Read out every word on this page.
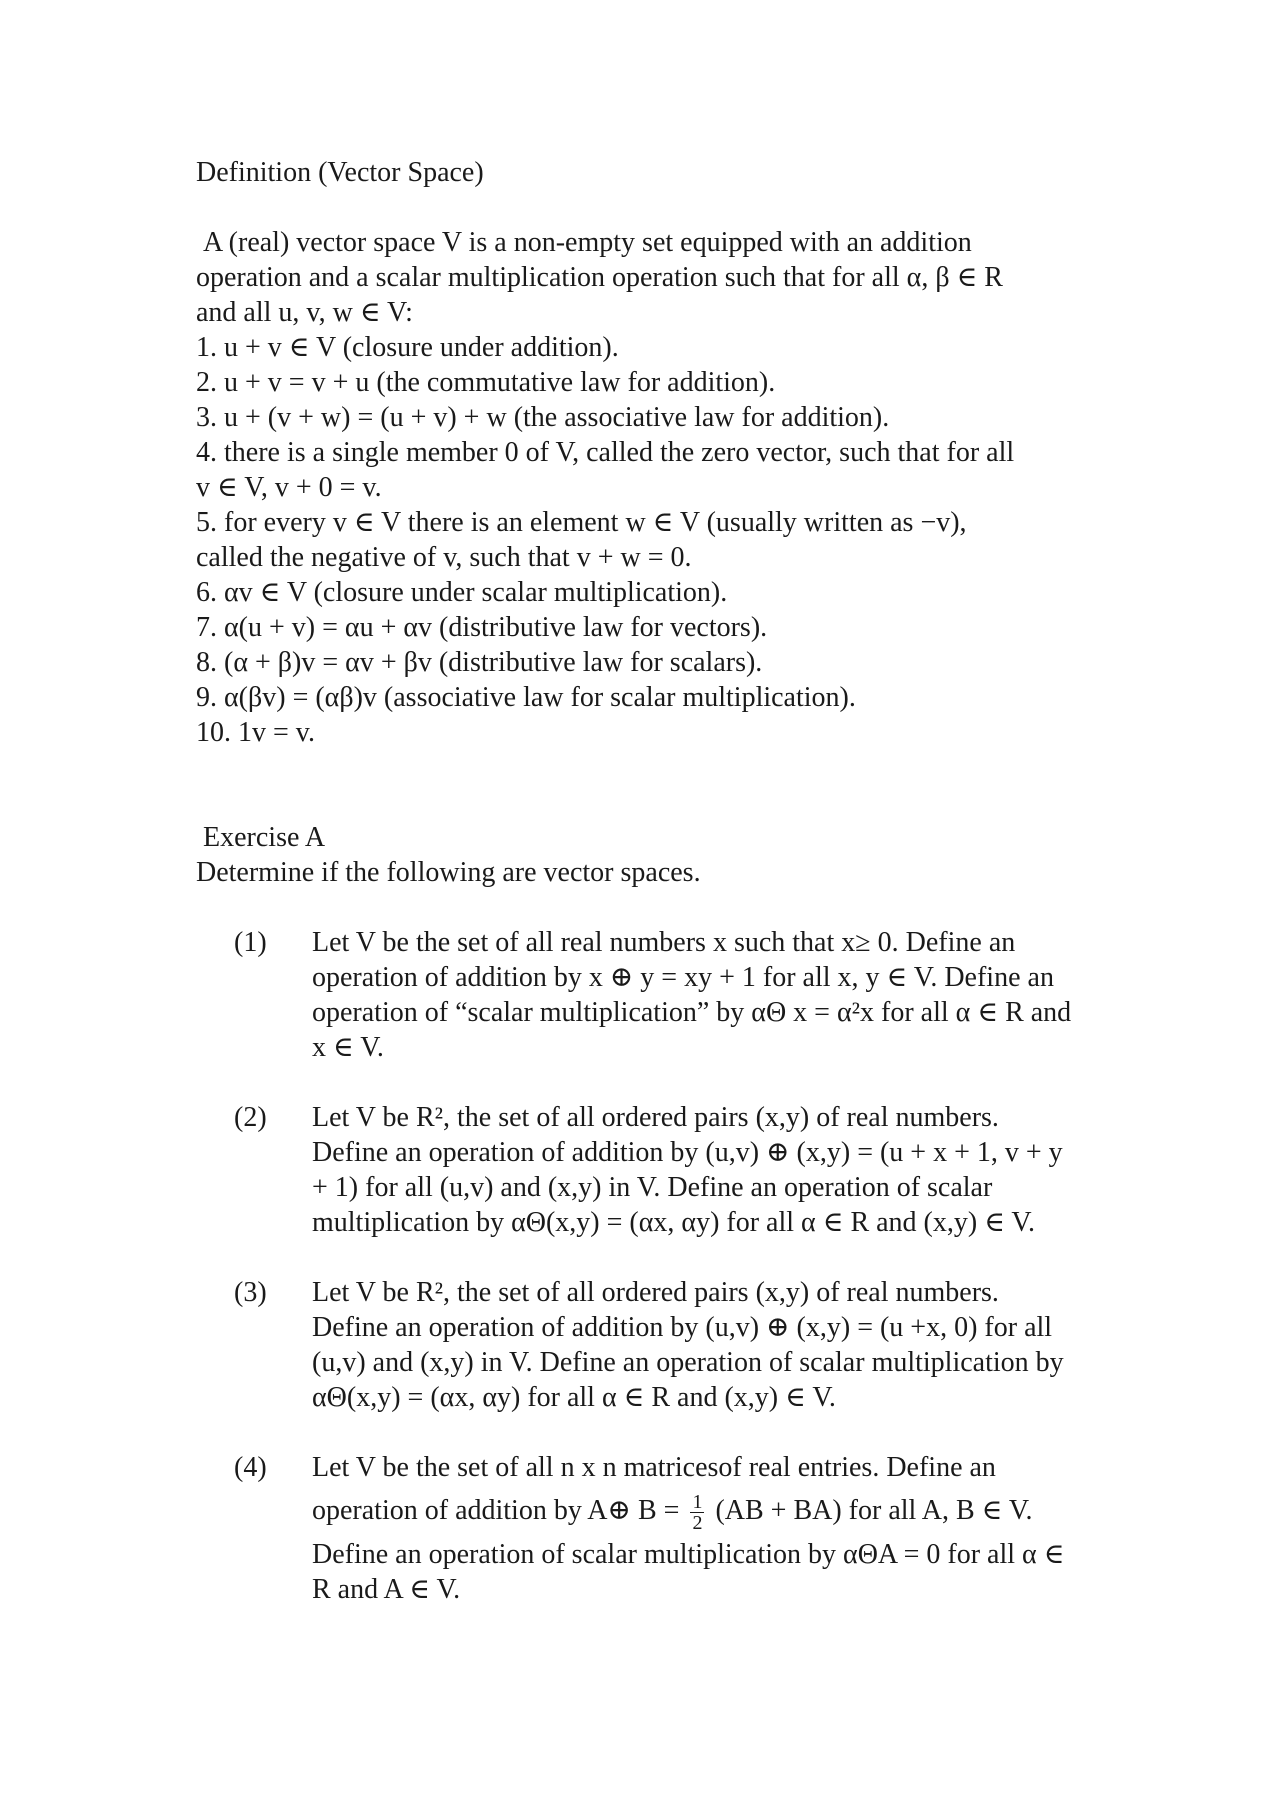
Definition (Vector Space)
A (real) vector space V is a non-empty set equipped with an addition
operation and a scalar multiplication operation such that for all α, β ∈ R
and all u, v, w ∈ V:
1. u + v ∈ V (closure under addition).
2. u + v = v + u (the commutative law for addition).
3. u + (v + w) = (u + v) + w (the associative law for addition).
4. there is a single member 0 of V, called the zero vector, such that for all
v ∈ V, v + 0 = v.
5. for every v ∈ V there is an element w ∈ V (usually written as −v),
called the negative of v, such that v + w = 0.
6. αv ∈ V (closure under scalar multiplication).
7. α(u + v) = αu + αv (distributive law for vectors).
8. (α + β)v = αv + βv (distributive law for scalars).
9. α(βv) = (αβ)v (associative law for scalar multiplication).
10. 1v = v.
Exercise A
Determine if the following are vector spaces.
(1)	Let V be the set of all real numbers x such that x≥ 0. Define an
operation of addition by x ⊕ y = xy + 1 for all x, y ∈ V. Define an
operation of “scalar multiplication” by αΘ x = α²x for all α ∈ R and
x ∈ V.
(2)	Let V be R², the set of all ordered pairs (x,y) of real numbers.
Define an operation of addition by (u,v) ⊕ (x,y) = (u + x + 1, v + y
+ 1) for all (u,v) and (x,y) in V. Define an operation of scalar
multiplication by αΘ(x,y) = (αx, αy) for all α ∈ R and (x,y) ∈ V.
(3)	Let V be R², the set of all ordered pairs (x,y) of real numbers.
Define an operation of addition by (u,v) ⊕ (x,y) = (u +x, 0) for all
(u,v) and (x,y) in V. Define an operation of scalar multiplication by
αΘ(x,y) = (αx, αy) for all α ∈ R and (x,y) ∈ V.
(4)	Let V be the set of all n x n matricesof real entries. Define an
operation of addition by A⊕ $B = \frac{1}{2} (AB + BA)$ for all A, B ∈ V.
Define an operation of scalar multiplication by αΘA = 0 for all α ∈
R and A ∈ V.
